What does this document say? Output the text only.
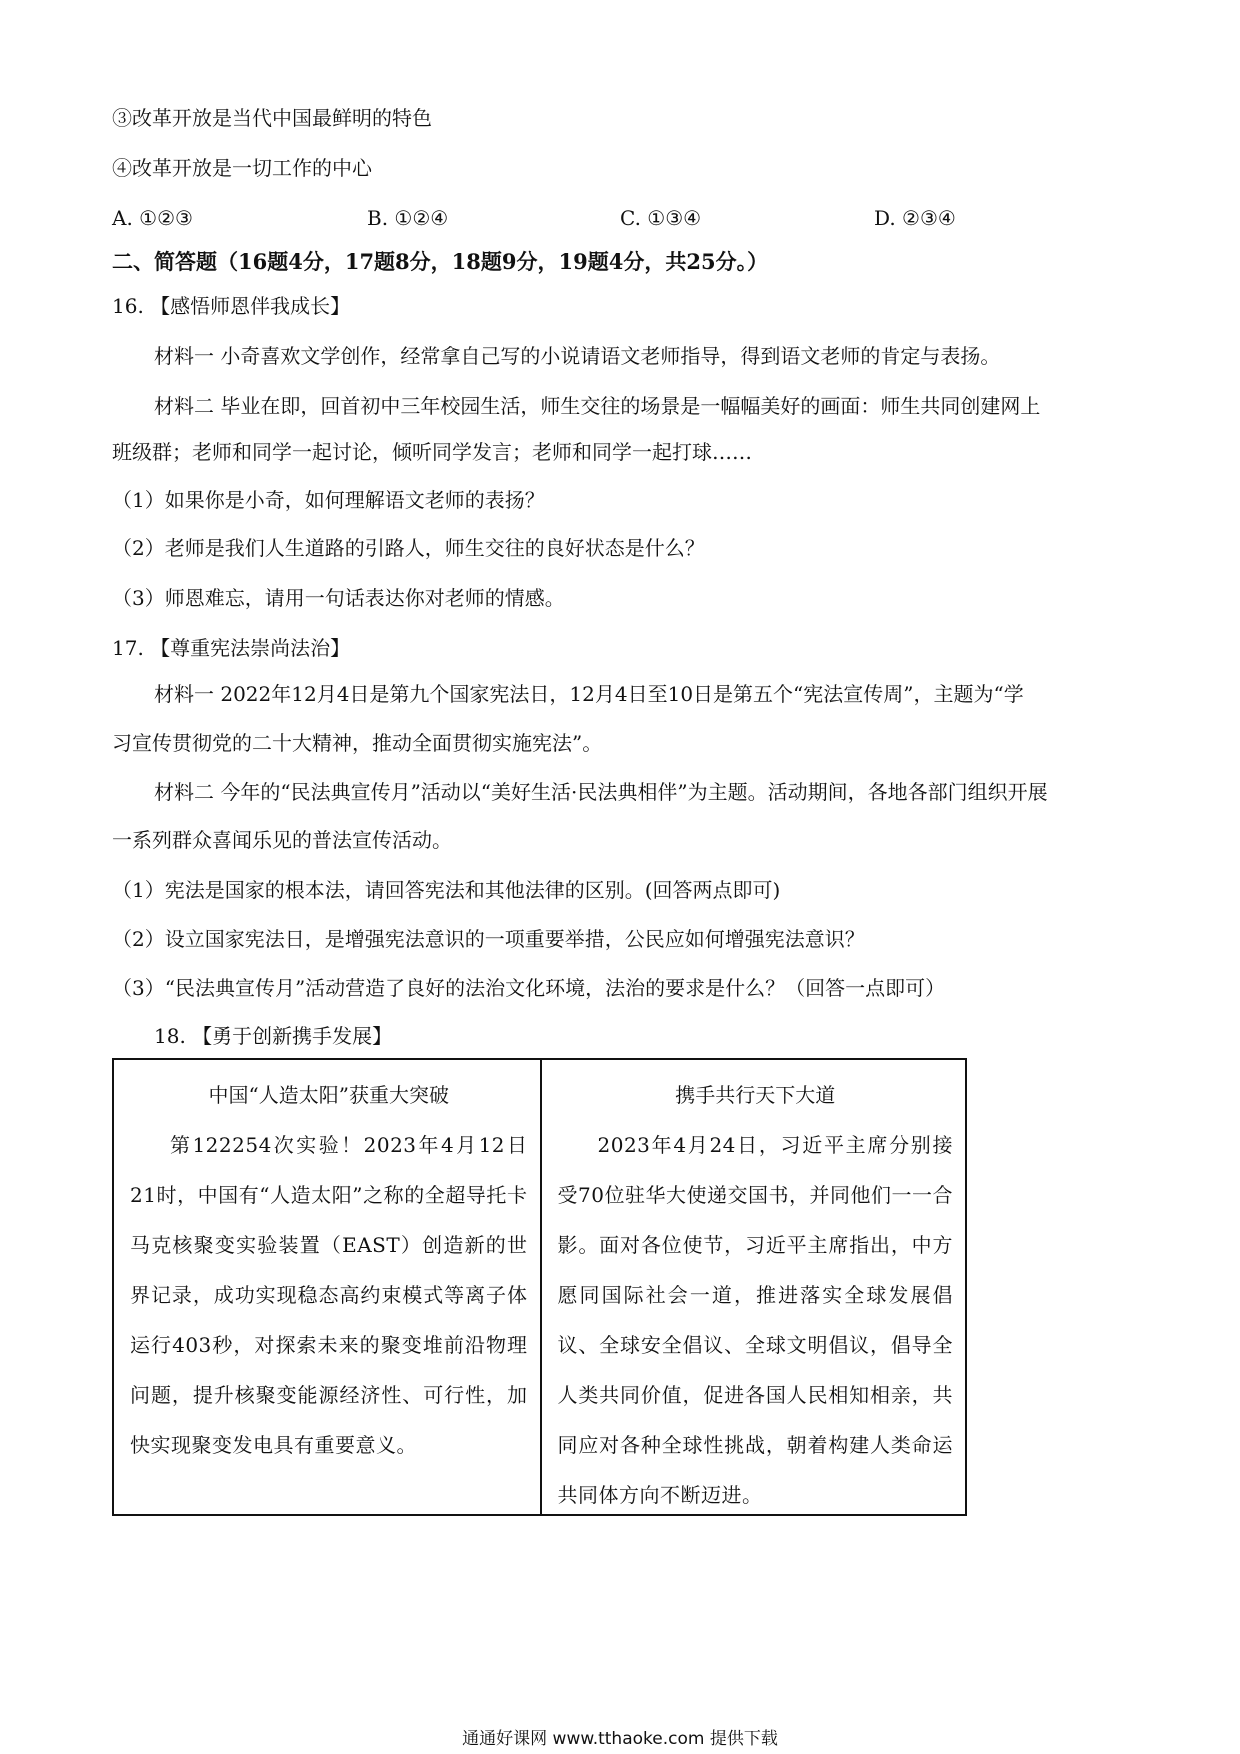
③改革开放是当代中国最鲜明的特色
④改革开放是一切工作的中心
A. ①②③	B. ①②④	C. ①③④	D. ②③④
二、简答题（16题4分，17题8分，18题9分，19题4分，共25分。）
16. 【感悟师恩伴我成长】
材料一 小奇喜欢文学创作，经常拿自己写的小说请语文老师指导，得到语文老师的肯定与表扬。
材料二 毕业在即，回首初中三年校园生活，师生交往的场景是一幅幅美好的画面：师生共同创建网上
班级群；老师和同学一起讨论，倾听同学发言；老师和同学一起打球……
（1）如果你是小奇，如何理解语文老师的表扬？
（2）老师是我们人生道路的引路人，师生交往的良好状态是什么？
（3）师恩难忘，请用一句话表达你对老师的情感。
17. 【尊重宪法崇尚法治】
材料一 2022年12月4日是第九个国家宪法日，12月4日至10日是第五个“宪法宣传周”，主题为“学
习宣传贯彻党的二十大精神，推动全面贯彻实施宪法”。
材料二 今年的“民法典宣传月”活动以“美好生活·民法典相伴”为主题。活动期间，各地各部门组织开展
一系列群众喜闻乐见的普法宣传活动。
（1）宪法是国家的根本法，请回答宪法和其他法律的区别。(回答两点即可)
（2）设立国家宪法日，是增强宪法意识的一项重要举措，公民应如何增强宪法意识？
（3）“民法典宣传月”活动营造了良好的法治文化环境，法治的要求是什么？（回答一点即可）
18. 【勇于创新携手发展】
中国“人造太阳”获重大突破
第122254次实验！2023年4月12日21时，中国有“人造太阳”之称的全超导托卡马克核聚变实验装置（EAST）创造新的世界记录，成功实现稳态高约束模式等离子体运行403秒，对探索未来的聚变堆前沿物理问题，提升核聚变能源经济性、可行性，加快实现聚变发电具有重要意义。
携手共行天下大道
2023年4月24日，习近平主席分别接受70位驻华大使递交国书，并同他们一一合影。面对各位使节，习近平主席指出，中方愿同国际社会一道，推进落实全球发展倡议、全球安全倡议、全球文明倡议，倡导全人类共同价值，促进各国人民相知相亲，共同应对各种全球性挑战，朝着构建人类命运共同体方向不断迈进。
通通好课网 www.tthaoke.com 提供下载
